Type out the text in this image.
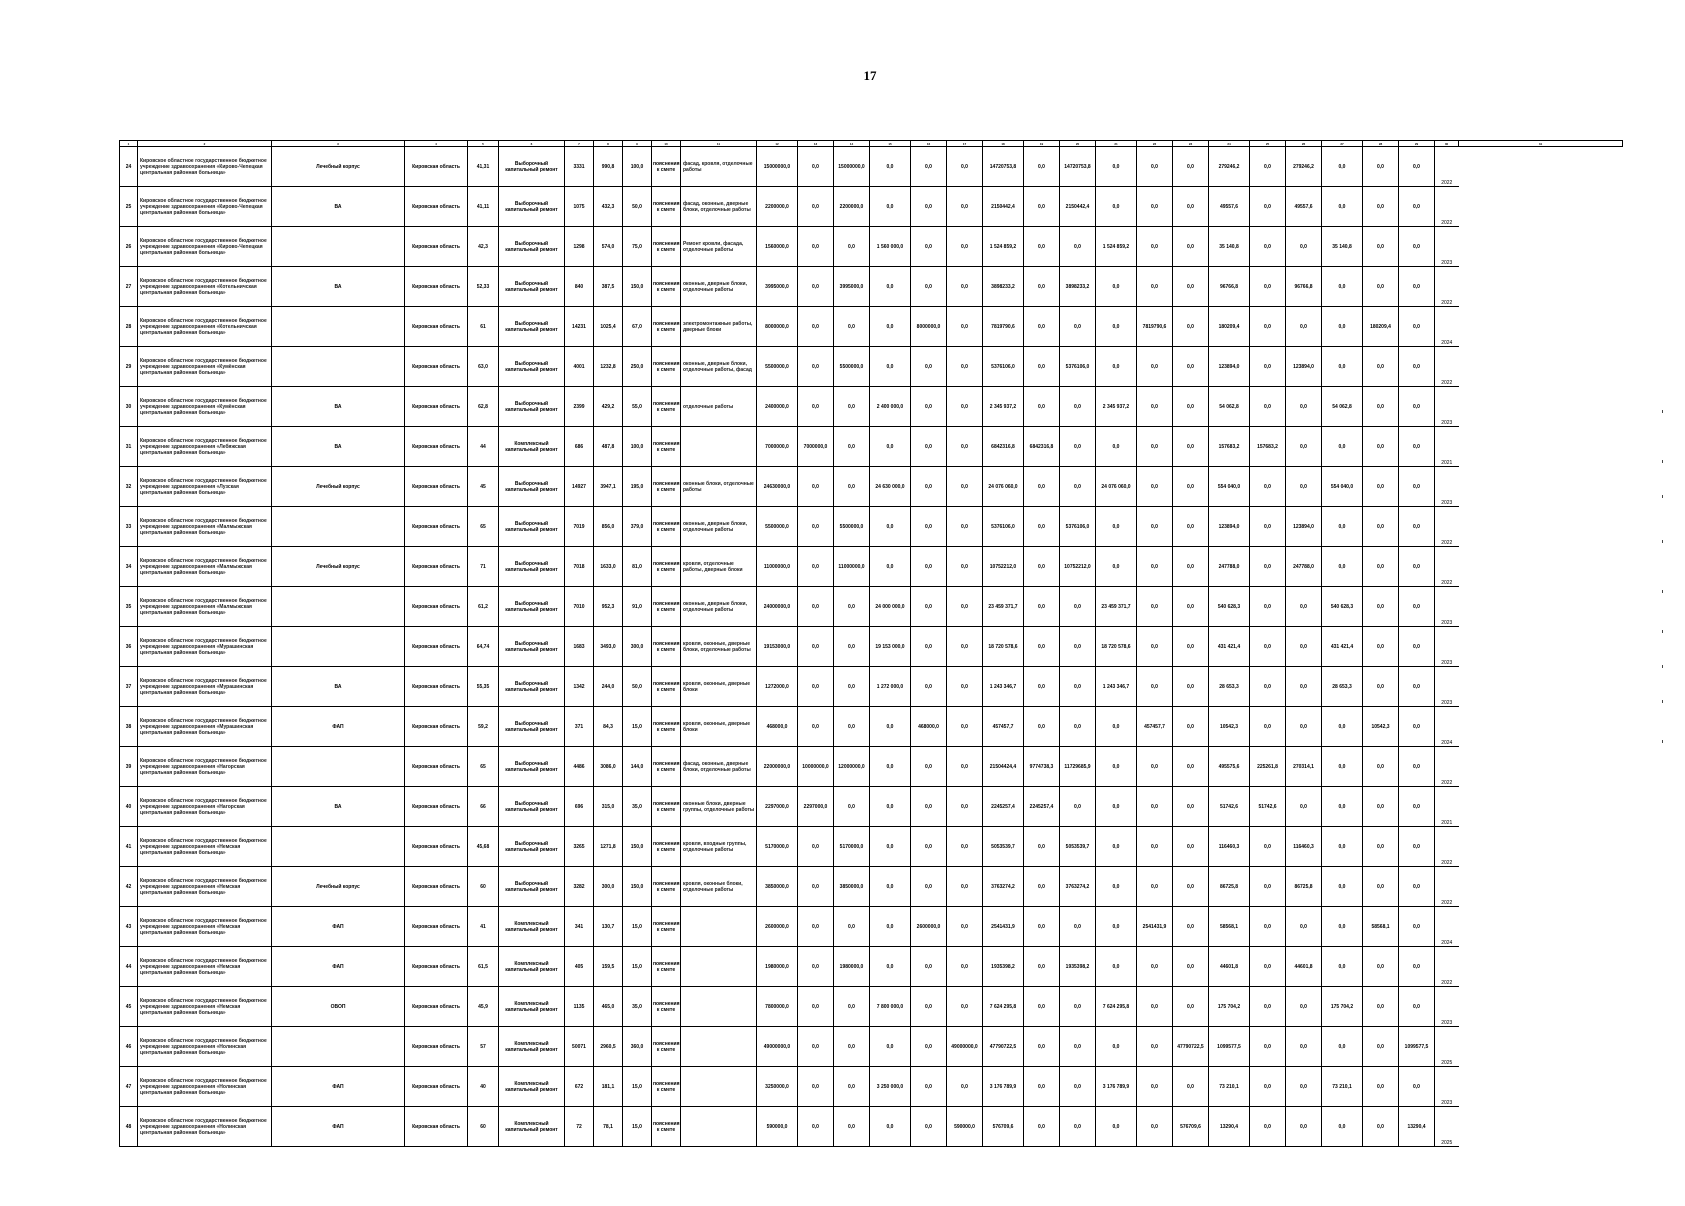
17
1	2	3	4	5	6	7	8	9	10	11	12	13	14	15	16	17	18	19	20	21	22	23	24	25	26	27	28	29	30	31
24	Кировское областное государственное бюджетное учреждение здравоохранения «Кирово-Чепецкая центральная районная больница»	Лечебный корпус	Кировская область	41,31	Выборочный капитальный ремонт	3331	990,8	100,0	пояснения к смете	фасад, кровля, отделочные работы	15000000,0	0,0	15000000,0	0,0	0,0	0,0	14720753,8	0,0	14720753,8	0,0	0,0	0,0	279246,2	0,0	279246,2	0,0	0,0	0,0	2022	
25	Кировское областное государственное бюджетное учреждение здравоохранения «Кирово-Чепецкая центральная районная больница»	ВА	Кировская область	41,11	Выборочный капитальный ремонт	1075	432,3	50,0	пояснения к смете	фасад, оконные, дверные блоки, отделочные работы	2200000,0	0,0	2200000,0	0,0	0,0	0,0	2150442,4	0,0	2150442,4	0,0	0,0	0,0	49557,6	0,0	49557,6	0,0	0,0	0,0	2022	
26	Кировское областное государственное бюджетное учреждение здравоохранения «Кирово-Чепецкая центральная районная больница»		Кировская область	42,3	Выборочный капитальный ремонт	1298	574,0	75,0	пояснения к смете	Ремонт кровли, фасада, отделочные работы	1560000,0	0,0	0,0	1 560 000,0	0,0	0,0	1 524 859,2	0,0	0,0	1 524 859,2	0,0	0,0	35 140,8	0,0	0,0	35 140,8	0,0	0,0	2023	
27	Кировское областное государственное бюджетное учреждение здравоохранения «Котельничская центральная районная больница»	ВА	Кировская область	52,33	Выборочный капитальный ремонт	840	387,5	150,0	пояснения к смете	оконные, дверные блоки, отделочные работы	3995000,0	0,0	3995000,0	0,0	0,0	0,0	3898233,2	0,0	3898233,2	0,0	0,0	0,0	96766,8	0,0	96766,8	0,0	0,0	0,0	2022	
28	Кировское областное государственное бюджетное учреждение здравоохранения «Котельничская центральная районная больница»		Кировская область	61	Выборочный капитальный ремонт	14231	1025,4	67,0	пояснения к смете	электромонтажные работы, дверные блоки	8000000,0	0,0	0,0	0,0	8000000,0	0,0	7819790,6	0,0	0,0	0,0	7819790,6	0,0	180209,4	0,0	0,0	0,0	180209,4	0,0	2024	
29	Кировское областное государственное бюджетное учреждение здравоохранения «Кумёнская центральная районная больница»		Кировская область	63,0	Выборочный капитальный ремонт	4001	1232,8	250,0	пояснения к смете	оконные, дверные блоки, отделочные работы, фасад	5500000,0	0,0	5500000,0	0,0	0,0	0,0	5376106,0	0,0	5376106,0	0,0	0,0	0,0	123894,0	0,0	123894,0	0,0	0,0	0,0	2022	
30	Кировское областное государственное бюджетное учреждение здравоохранения «Кумёнская центральная районная больница»	ВА	Кировская область	62,8	Выборочный капитальный ремонт	2399	429,2	55,0	пояснения к смете	отделочные работы	2400000,0	0,0	0,0	2 400 000,0	0,0	0,0	2 345 937,2	0,0	0,0	2 345 937,2	0,0	0,0	54 062,8	0,0	0,0	54 062,8	0,0	0,0	2023	
31	Кировское областное государственное бюджетное учреждение здравоохранения «Лебяжская центральная районная больница»	ВА	Кировская область	44	Комплексный капитальный ремонт	686	487,8	100,0	пояснения к смете		7000000,0	7000000,0	0,0	0,0	0,0	0,0	6842316,8	6842316,8	0,0	0,0	0,0	0,0	157683,2	157683,2	0,0	0,0	0,0	0,0	2021	
32	Кировское областное государственное бюджетное учреждение здравоохранения «Лузская центральная районная больница»	Лечебный корпус	Кировская область	45	Выборочный капитальный ремонт	14927	3947,1	195,0	пояснения к смете	оконные блоки, отделочные работы	24630000,0	0,0	0,0	24 630 000,0	0,0	0,0	24 076 060,0	0,0	0,0	24 076 060,0	0,0	0,0	554 040,0	0,0	0,0	554 040,0	0,0	0,0	2023	
33	Кировское областное государственное бюджетное учреждение здравоохранения «Малмыжская центральная районная больница»		Кировская область	65	Выборочный капитальный ремонт	7019	856,0	379,0	пояснения к смете	оконные, дверные блоки, отделочные работы	5500000,0	0,0	5500000,0	0,0	0,0	0,0	5376106,0	0,0	5376106,0	0,0	0,0	0,0	123894,0	0,0	123894,0	0,0	0,0	0,0	2022	
34	Кировское областное государственное бюджетное учреждение здравоохранения «Малмыжская центральная районная больница»	Лечебный корпус	Кировская область	71	Выборочный капитальный ремонт	7018	1633,0	81,0	пояснения к смете	кровля, отделочные работы, дверные блоки	11000000,0	0,0	11000000,0	0,0	0,0	0,0	10752212,0	0,0	10752212,0	0,0	0,0	0,0	247788,0	0,0	247788,0	0,0	0,0	0,0	2022	
35	Кировское областное государственное бюджетное учреждение здравоохранения «Малмыжская центральная районная больница»		Кировская область	61,2	Выборочный капитальный ремонт	7010	952,3	91,0	пояснения к смете	оконные, дверные блоки, отделочные работы	24000000,0	0,0	0,0	24 000 000,0	0,0	0,0	23 459 371,7	0,0	0,0	23 459 371,7	0,0	0,0	540 628,3	0,0	0,0	540 628,3	0,0	0,0	2023	
36	Кировское областное государственное бюджетное учреждение здравоохранения «Мурашинская центральная районная больница»		Кировская область	64,74	Выборочный капитальный ремонт	1683	3493,0	300,0	пояснения к смете	кровля, оконные, дверные блоки, отделочные работы	19153000,0	0,0	0,0	19 153 000,0	0,0	0,0	18 720 578,6	0,0	0,0	18 720 578,6	0,0	0,0	431 421,4	0,0	0,0	431 421,4	0,0	0,0	2023	
37	Кировское областное государственное бюджетное учреждение здравоохранения «Мурашинская центральная районная больница»	ВА	Кировская область	55,35	Выборочный капитальный ремонт	1342	244,0	50,0	пояснения к смете	кровля, оконные, дверные блоки	1272000,0	0,0	0,0	1 272 000,0	0,0	0,0	1 243 346,7	0,0	0,0	1 243 346,7	0,0	0,0	28 653,3	0,0	0,0	28 653,3	0,0	0,0	2023	
38	Кировское областное государственное бюджетное учреждение здравоохранения «Мурашинская центральная районная больница»	ФАП	Кировская область	59,2	Выборочный капитальный ремонт	371	84,3	15,0	пояснения к смете	кровля, оконные, дверные блоки	468000,0	0,0	0,0	0,0	468000,0	0,0	457457,7	0,0	0,0	0,0	457457,7	0,0	10542,3	0,0	0,0	0,0	10542,3	0,0	2024	
39	Кировское областное государственное бюджетное учреждение здравоохранения «Нагорская центральная районная больница»		Кировская область	65	Выборочный капитальный ремонт	4486	3086,0	144,0	пояснения к смете	фасад, оконные, дверные блоки, отделочные работы	22000000,0	10000000,0	12000000,0	0,0	0,0	0,0	21504424,4	9774738,3	11729685,9	0,0	0,0	0,0	495575,6	225261,8	270314,1	0,0	0,0	0,0	2022	
40	Кировское областное государственное бюджетное учреждение здравоохранения «Нагорская центральная районная больница»	ВА	Кировская область	66	Выборочный капитальный ремонт	696	315,0	35,0	пояснения к смете	оконные блоки, дверные группы, отделочные работы	2297000,0	2297000,0	0,0	0,0	0,0	0,0	2245257,4	2245257,4	0,0	0,0	0,0	0,0	51742,6	51742,6	0,0	0,0	0,0	0,0	2021	
41	Кировское областное государственное бюджетное учреждение здравоохранения «Немская центральная районная больница»		Кировская область	45,68	Выборочный капитальный ремонт	3265	1271,8	150,0	пояснения к смете	кровля, входные группы, отделочные работы	5170000,0	0,0	5170000,0	0,0	0,0	0,0	5053539,7	0,0	5053539,7	0,0	0,0	0,0	116460,3	0,0	116460,3	0,0	0,0	0,0	2022	
42	Кировское областное государственное бюджетное учреждение здравоохранения «Немская центральная районная больница»	Лечебный корпус	Кировская область	60	Выборочный капитальный ремонт	3282	300,0	150,0	пояснения к смете	кровля, оконные блоки, отделочные работы	3850000,0	0,0	3850000,0	0,0	0,0	0,0	3763274,2	0,0	3763274,2	0,0	0,0	0,0	86725,8	0,0	86725,8	0,0	0,0	0,0	2022	
43	Кировское областное государственное бюджетное учреждение здравоохранения «Немская центральная районная больница»	ФАП	Кировская область	41	Комплексный капитальный ремонт	341	130,7	15,0	пояснения к смете		2600000,0	0,0	0,0	0,0	2600000,0	0,0	2541431,9	0,0	0,0	0,0	2541431,9	0,0	58568,1	0,0	0,0	0,0	58568,1	0,0	2024	
44	Кировское областное государственное бюджетное учреждение здравоохранения «Немская центральная районная больница»	ФАП	Кировская область	61,5	Комплексный капитальный ремонт	405	159,5	15,0	пояснения к смете		1980000,0	0,0	1980000,0	0,0	0,0	0,0	1935398,2	0,0	1935398,2	0,0	0,0	0,0	44601,8	0,0	44601,8	0,0	0,0	0,0	2022	
45	Кировское областное государственное бюджетное учреждение здравоохранения «Немская центральная районная больница»	ОВОП	Кировская область	45,9	Комплексный капитальный ремонт	1135	465,0	35,0	пояснения к смете		7800000,0	0,0	0,0	7 800 000,0	0,0	0,0	7 624 295,8	0,0	0,0	7 624 295,8	0,0	0,0	175 704,2	0,0	0,0	175 704,2	0,0	0,0	2023	
46	Кировское областное государственное бюджетное учреждение здравоохранения «Нолинская центральная районная больница»		Кировская область	57	Комплексный капитальный ремонт	50071	2960,5	360,0	пояснения к смете		49000000,0	0,0	0,0	0,0	0,0	49000000,0	47790722,5	0,0	0,0	0,0	0,0	47790722,5	1099577,5	0,0	0,0	0,0	0,0	1099577,5	2025	
47	Кировское областное государственное бюджетное учреждение здравоохранения «Нолинская центральная районная больница»	ФАП	Кировская область	40	Комплексный капитальный ремонт	672	181,1	15,0	пояснения к смете		3250000,0	0,0	0,0	3 250 000,0	0,0	0,0	3 176 789,9	0,0	0,0	3 176 789,9	0,0	0,0	73 210,1	0,0	0,0	73 210,1	0,0	0,0	2023	
48	Кировское областное государственное бюджетное учреждение здравоохранения «Нолинская центральная районная больница»	ФАП	Кировская область	60	Комплексный капитальный ремонт	72	78,1	15,0	пояснения к смете		590000,0	0,0	0,0	0,0	0,0	590000,0	576709,6	0,0	0,0	0,0	0,0	576709,6	13290,4	0,0	0,0	0,0	0,0	13290,4	2025	
